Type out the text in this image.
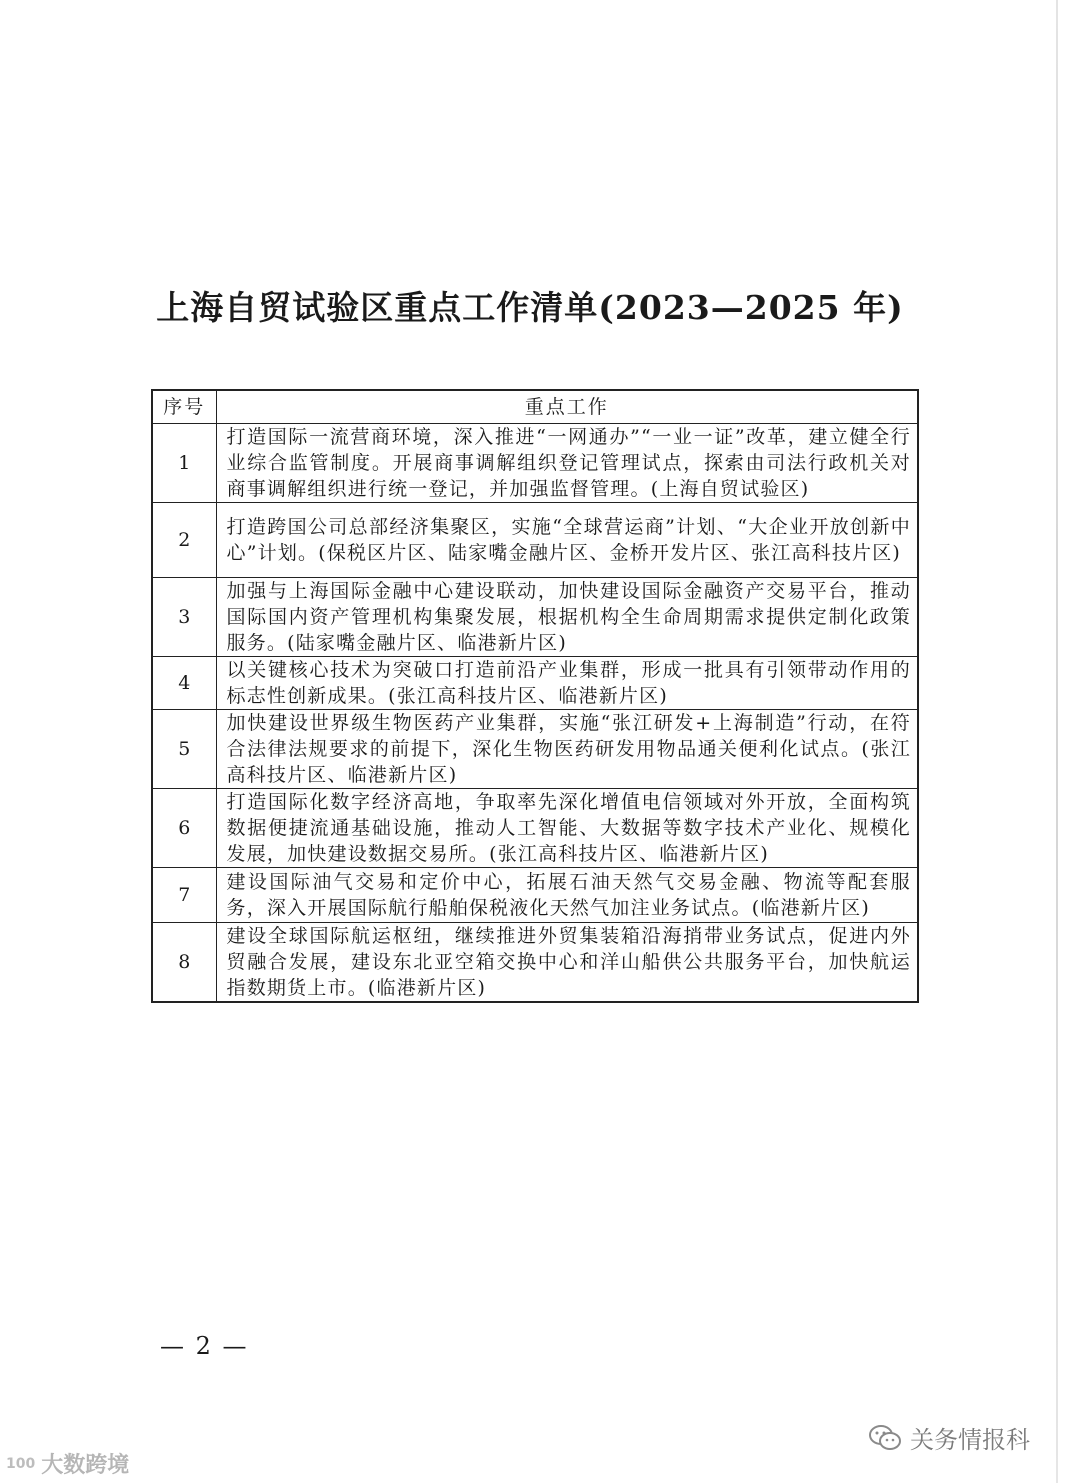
上海自贸试验区重点工作清单(2023—2025 年)
序号	重点工作
1	打造国际一流营商环境，深入推进“一网通办”“一业一证”改革，建立健全行业综合监管制度。开展商事调解组织登记管理试点，探索由司法行政机关对商事调解组织进行统一登记，并加强监督管理。(上海自贸试验区)
2	打造跨国公司总部经济集聚区，实施“全球营运商”计划、“大企业开放创新中心”计划。(保税区片区、陆家嘴金融片区、金桥开发片区、张江高科技片区)
3	加强与上海国际金融中心建设联动，加快建设国际金融资产交易平台，推动国际国内资产管理机构集聚发展，根据机构全生命周期需求提供定制化政策服务。(陆家嘴金融片区、临港新片区)
4	以关键核心技术为突破口打造前沿产业集群，形成一批具有引领带动作用的标志性创新成果。(张江高科技片区、临港新片区)
5	加快建设世界级生物医药产业集群，实施“张江研发+上海制造”行动，在符合法律法规要求的前提下，深化生物医药研发用物品通关便利化试点。(张江高科技片区、临港新片区)
6	打造国际化数字经济高地，争取率先深化增值电信领域对外开放，全面构筑数据便捷流通基础设施，推动人工智能、大数据等数字技术产业化、规模化发展，加快建设数据交易所。(张江高科技片区、临港新片区)
7	建设国际油气交易和定价中心，拓展石油天然气交易金融、物流等配套服务，深入开展国际航行船舶保税液化天然气加注业务试点。(临港新片区)
8	建设全球国际航运枢纽，继续推进外贸集装箱沿海捎带业务试点，促进内外贸融合发展，建设东北亚空箱交换中心和洋山船供公共服务平台，加快航运指数期货上市。(临港新片区)
— 2 —
100 大数跨境
关务情报科
